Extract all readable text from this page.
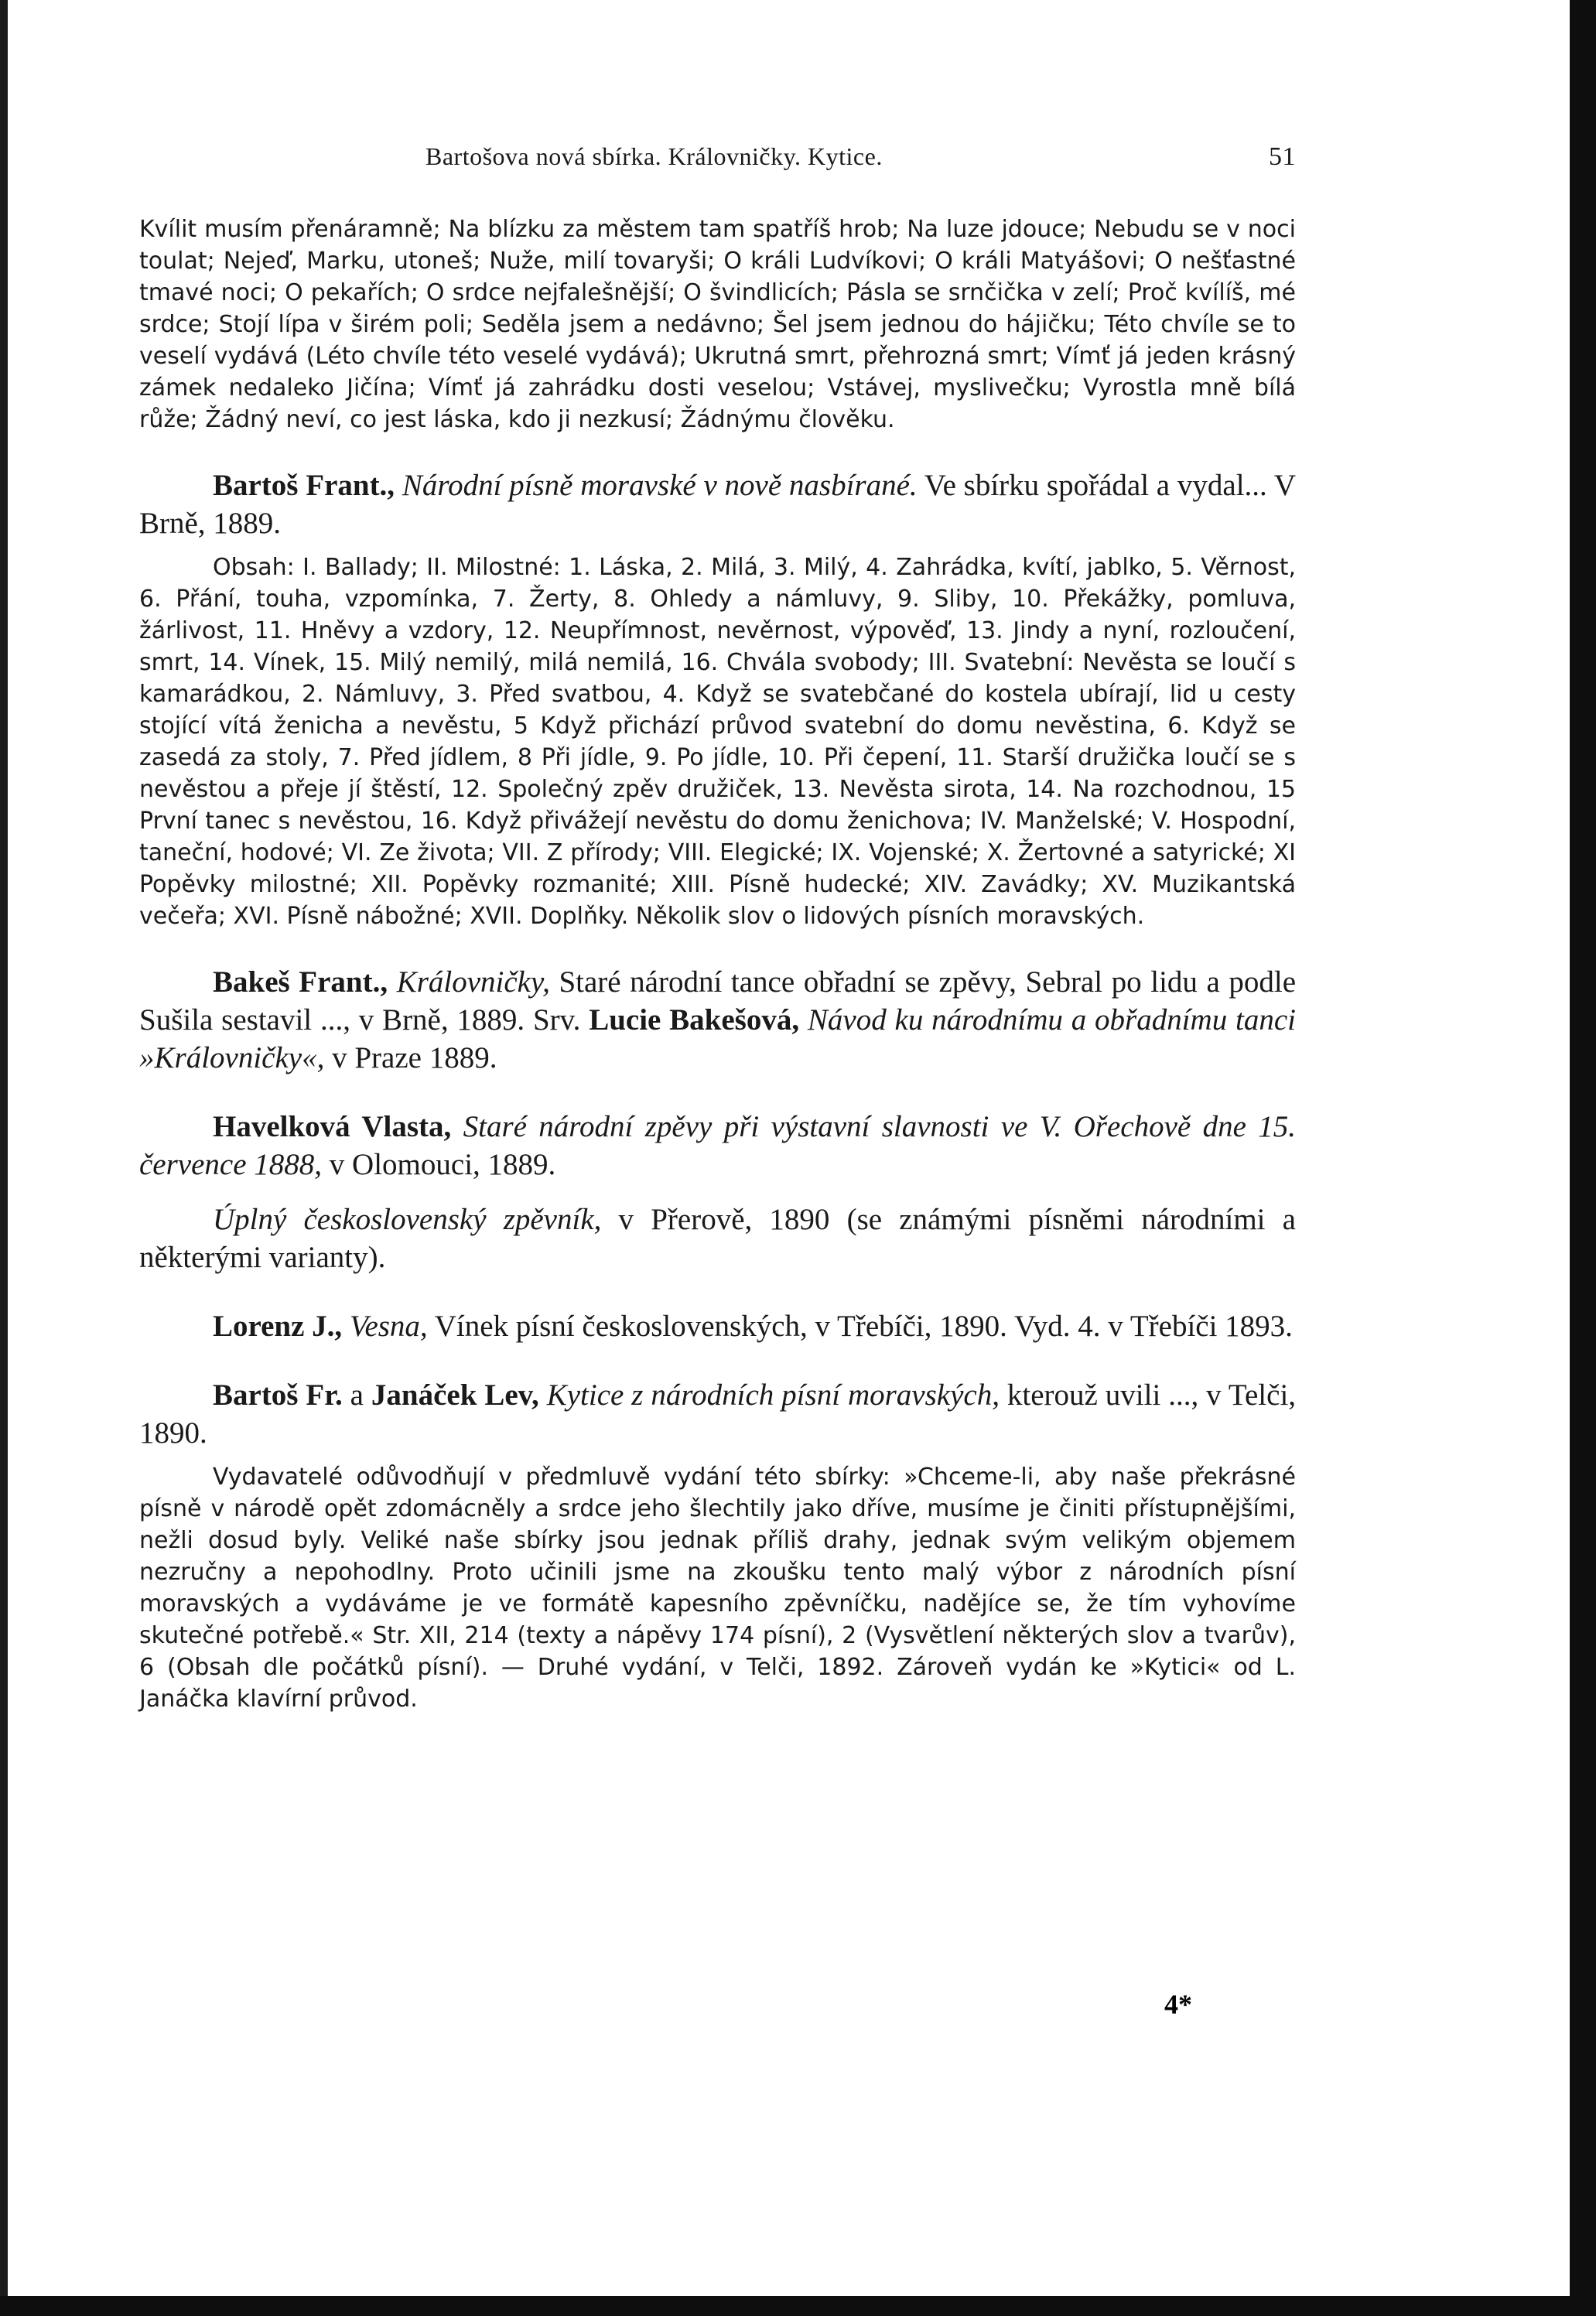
Bartošova nová sbírka. Královničky. Kytice.	51

Kvílit musím přenáramně; Na blízku za městem tam spatříš hrob; Na luze jdouce; Nebudu se v noci toulat; Nejeď, Marku, utoneš; Nuže, milí tovaryši; O králi Ludvíkovi; O králi Matyášovi; O nešťastné tmavé noci; O pekařích; O srdce nejfalešnější; O švindlicích; Pásla se srnčička v zelí; Proč kvílíš, mé srdce; Stojí lípa v širém poli; Seděla jsem a nedávno; Šel jsem jednou do hájičku; Této chvíle se to veselí vydává (Léto chvíle této veselé vydává); Ukrutná smrt, přehrozná smrt; Vímť já jeden krásný zámek nedaleko Jičína; Vímť já zahrádku dosti veselou; Vstávej, myslivečku; Vyrostla mně bílá růže; Žádný neví, co jest láska, kdo ji nezkusí; Žádnýmu člověku.

Bartoš Frant., Národní písně moravské v nově nasbírané. Ve sbírku spořádal a vydal... V Brně, 1889.

Obsah: I. Ballady; II. Milostné: 1. Láska, 2. Milá, 3. Milý, 4. Zahrádka, kvítí, jablko, 5. Věrnost, 6. Přání, touha, vzpomínka, 7. Žerty, 8. Ohledy a námluvy, 9. Sliby, 10. Překážky, pomluva, žárlivost, 11. Hněvy a vzdory, 12. Neupřímnost, nevěrnost, výpověď, 13. Jindy a nyní, rozloučení, smrt, 14. Vínek, 15. Milý nemilý, milá nemilá, 16. Chvála svobody; III. Svatební: Nevěsta se loučí s kamarádkou, 2. Námluvy, 3. Před svatbou, 4. Když se svatebčané do kostela ubírají, lid u cesty stojící vítá ženicha a nevěstu, 5 Když přichází průvod svatební do domu nevěstina, 6. Když se zasedá za stoly, 7. Před jídlem, 8 Při jídle, 9. Po jídle, 10. Při čepení, 11. Starší družička loučí se s nevěstou a přeje jí štěstí, 12. Společný zpěv družiček, 13. Nevěsta sirota, 14. Na rozchodnou, 15 První tanec s nevěstou, 16. Když přivážejí nevěstu do domu ženichova; IV. Manželské; V. Hospodní, taneční, hodové; VI. Ze života; VII. Z přírody; VIII. Elegické; IX. Vojenské; X. Žertovné a satyrické; XI Popěvky milostné; XII. Popěvky rozmanité; XIII. Písně hudecké; XIV. Zavádky; XV. Muzikantská večeřa; XVI. Písně nábožné; XVII. Doplňky. Několik slov o lidových písních moravských.

Bakeš Frant., Královničky, Staré národní tance obřadní se zpěvy, Sebral po lidu a podle Sušila sestavil ..., v Brně, 1889. Srv. Lucie Bakešová, Návod ku národnímu a obřadnímu tanci »Královničky«, v Praze 1889.

Havelková Vlasta, Staré národní zpěvy při výstavní slavnosti ve V. Ořechově dne 15. července 1888, v Olomouci, 1889.

Úplný československý zpěvník, v Přerově, 1890 (se známými písněmi národními a některými varianty).

Lorenz J., Vesna, Vínek písní československých, v Třebíči, 1890. Vyd. 4. v Třebíči 1893.

Bartoš Fr. a Janáček Lev, Kytice z národních písní moravských, kterouž uvili ..., v Telči, 1890.

Vydavatelé odůvodňují v předmluvě vydání této sbírky: »Chceme-li, aby naše překrásné písně v národě opět zdomácněly a srdce jeho šlechtily jako dříve, musíme je činiti přístupnějšími, nežli dosud byly. Veliké naše sbírky jsou jednak příliš drahy, jednak svým velikým objemem nezručny a nepohodlny. Proto učinili jsme na zkoušku tento malý výbor z národních písní moravských a vydáváme je ve formátě kapesního zpěvníčku, nadějíce se, že tím vyhovíme skutečné potřebě.« Str. XII, 214 (texty a nápěvy 174 písní), 2 (Vysvětlení některých slov a tvarův), 6 (Obsah dle počátků písní). — Druhé vydání, v Telči, 1892. Zároveň vydán ke »Kytici« od L. Janáčka klavírní průvod.

4*
